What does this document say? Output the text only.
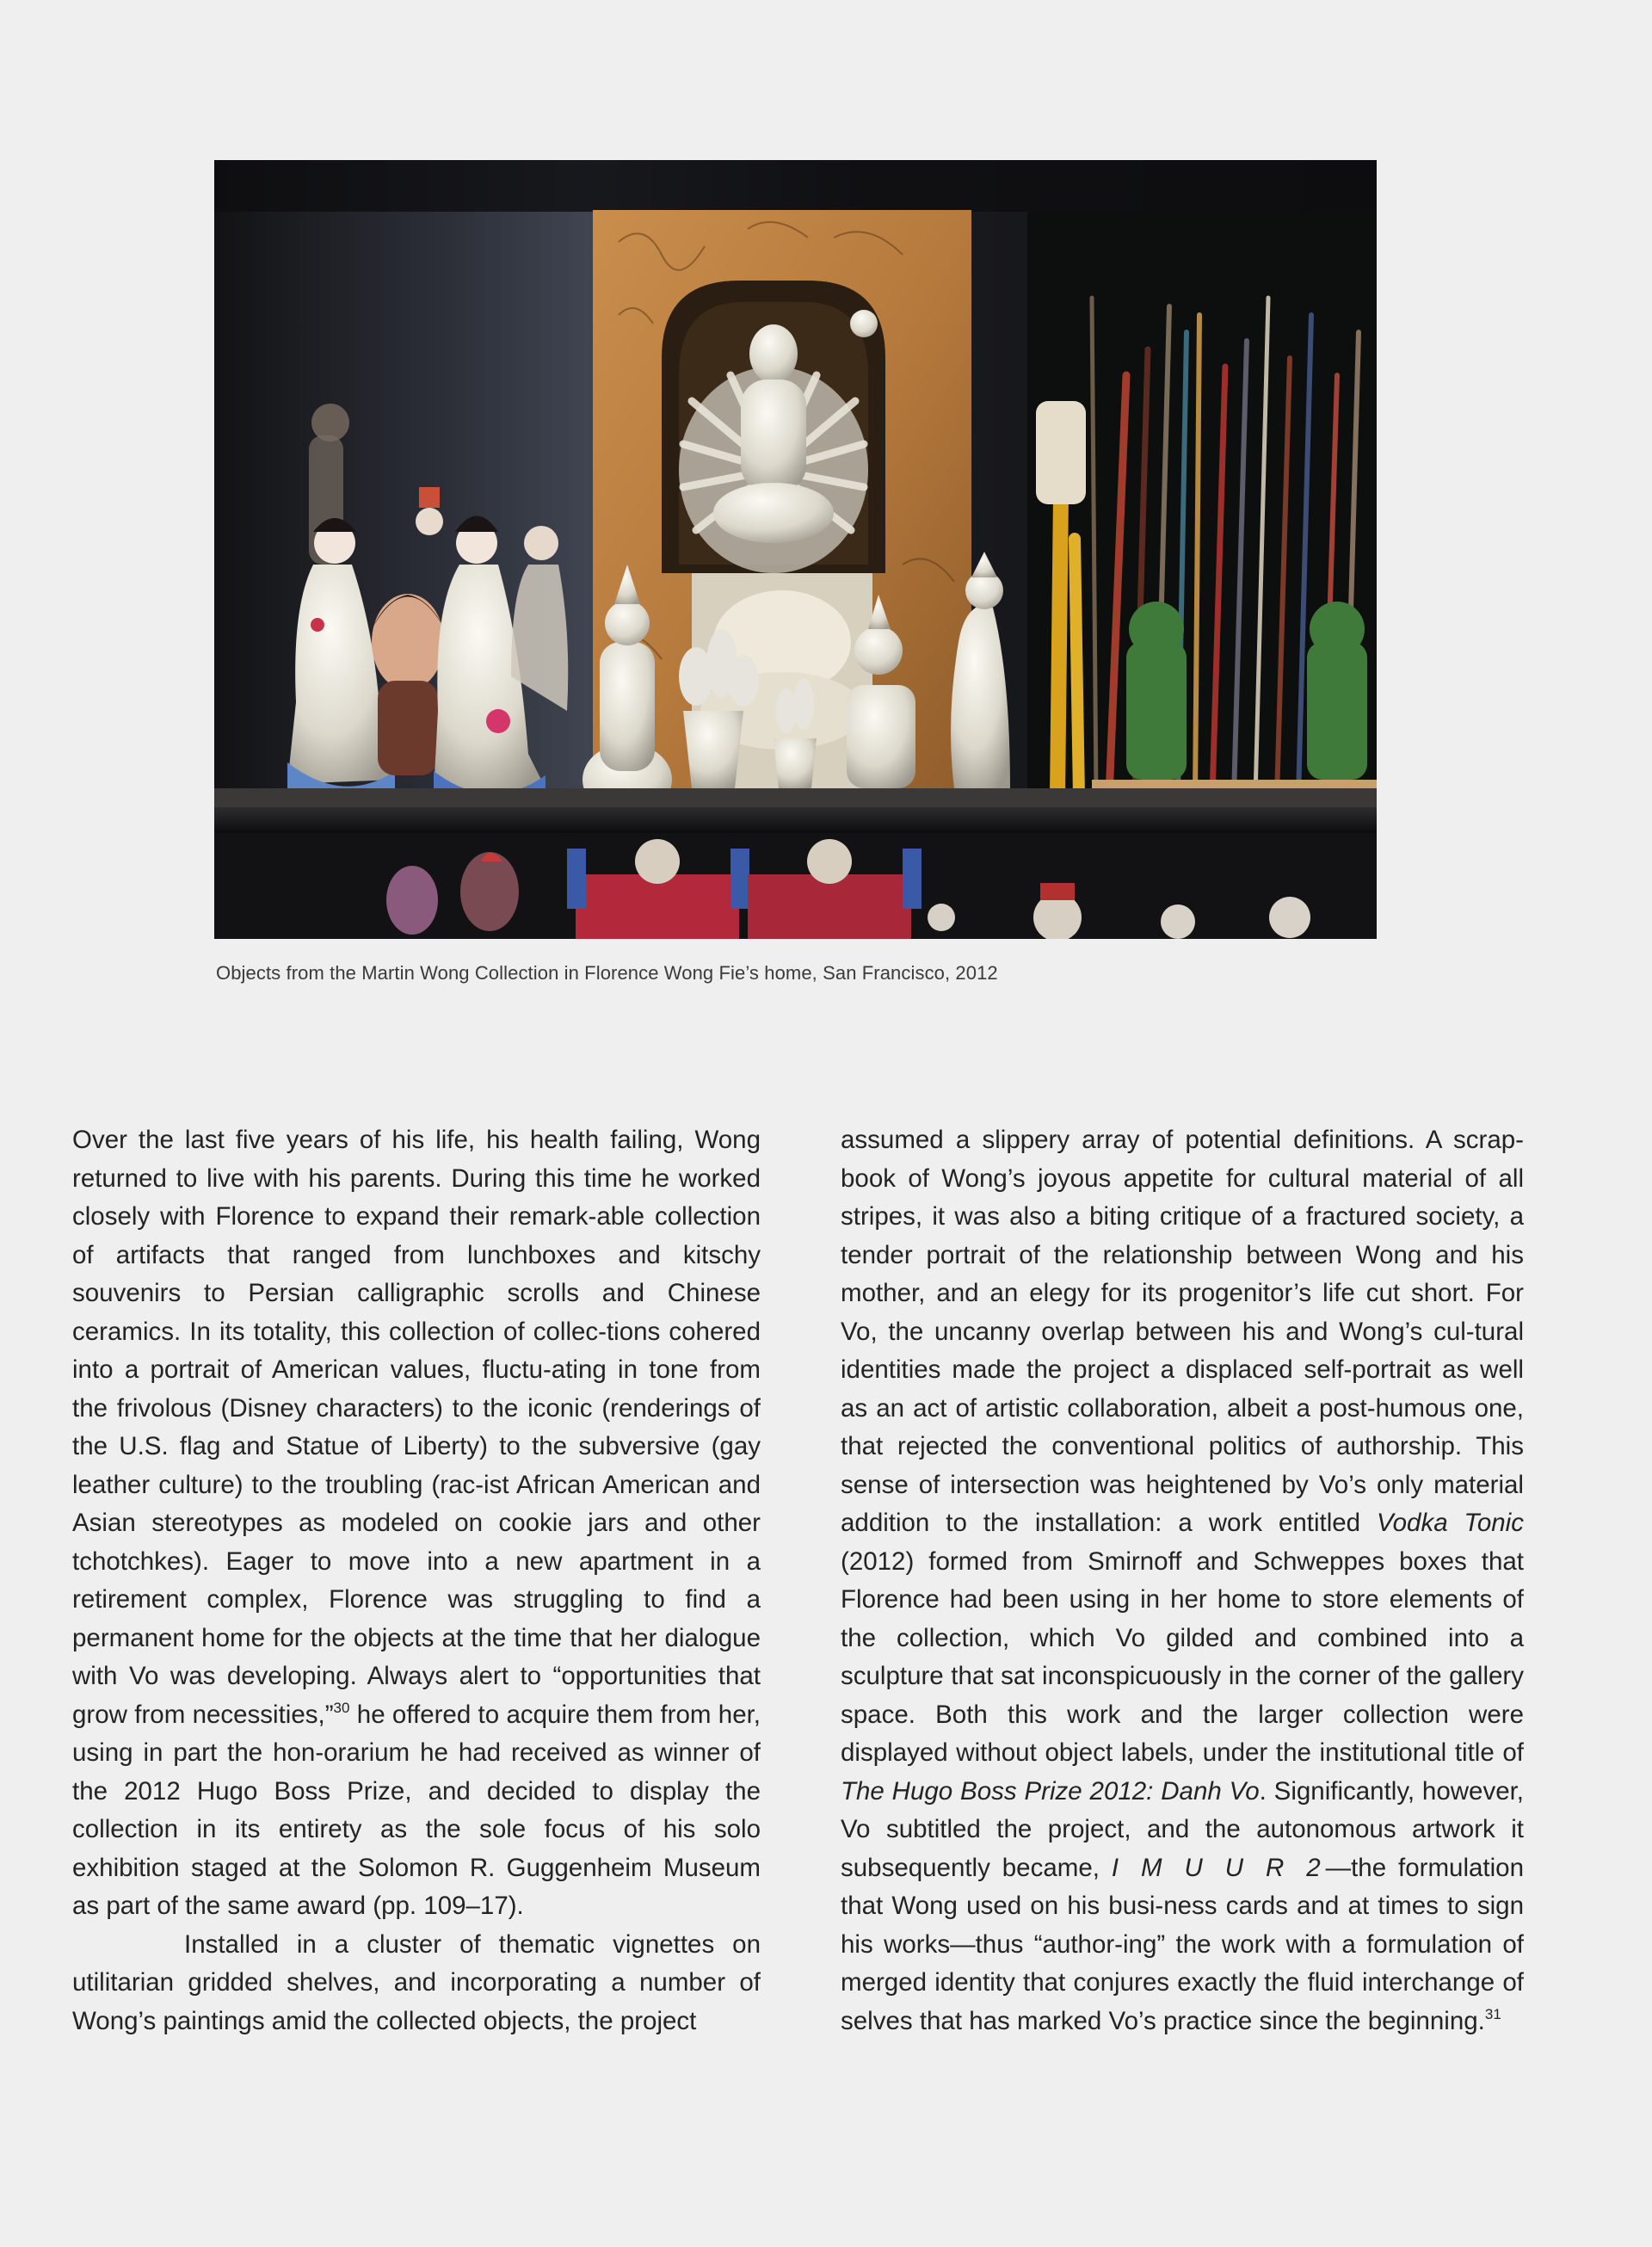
Objects from the Martin Wong Collection in Florence Wong Fie’s home, San Francisco, 2012

Over the last five years of his life, his health failing, Wong returned to live with his parents. During this time he worked closely with Florence to expand their remark-able collection of artifacts that ranged from lunchboxes and kitschy souvenirs to Persian calligraphic scrolls and Chinese ceramics. In its totality, this collection of collec-tions cohered into a portrait of American values, fluctu-ating in tone from the frivolous (Disney characters) to the iconic (renderings of the U.S. flag and Statue of Liberty) to the subversive (gay leather culture) to the troubling (rac-ist African American and Asian stereotypes as modeled on cookie jars and other tchotchkes). Eager to move into a new apartment in a retirement complex, Florence was struggling to find a permanent home for the objects at the time that her dialogue with Vo was developing. Always alert to “opportunities that grow from necessities,”$^{30}$ he offered to acquire them from her, using in part the hon-orarium he had received as winner of the 2012 Hugo Boss Prize, and decided to display the collection in its entirety as the sole focus of his solo exhibition staged at the Solomon R. Guggenheim Museum as part of the same award (pp. 109–17).

Installed in a cluster of thematic vignettes on utilitarian gridded shelves, and incorporating a number of Wong’s paintings amid the collected objects, the project

assumed a slippery array of potential definitions. A scrap-book of Wong’s joyous appetite for cultural material of all stripes, it was also a biting critique of a fractured society, a tender portrait of the relationship between Wong and his mother, and an elegy for its progenitor’s life cut short. For Vo, the uncanny overlap between his and Wong’s cul-tural identities made the project a displaced self-portrait as well as an act of artistic collaboration, albeit a post-humous one, that rejected the conventional politics of authorship. This sense of intersection was heightened by Vo’s only material addition to the installation: a work entitled Vodka Tonic (2012) formed from Smirnoff and Schweppes boxes that Florence had been using in her home to store elements of the collection, which Vo gilded and combined into a sculpture that sat inconspicuously in the corner of the gallery space. Both this work and the larger collection were displayed without object labels, under the institutional title of The Hugo Boss Prize 2012: Danh Vo. Significantly, however, Vo subtitled the project, and the autonomous artwork it subsequently became, I M U U R 2—the formulation that Wong used on his busi-ness cards and at times to sign his works—thus “author-ing” the work with a formulation of merged identity that conjures exactly the fluid interchange of selves that has marked Vo’s practice since the beginning.$^{31}$
